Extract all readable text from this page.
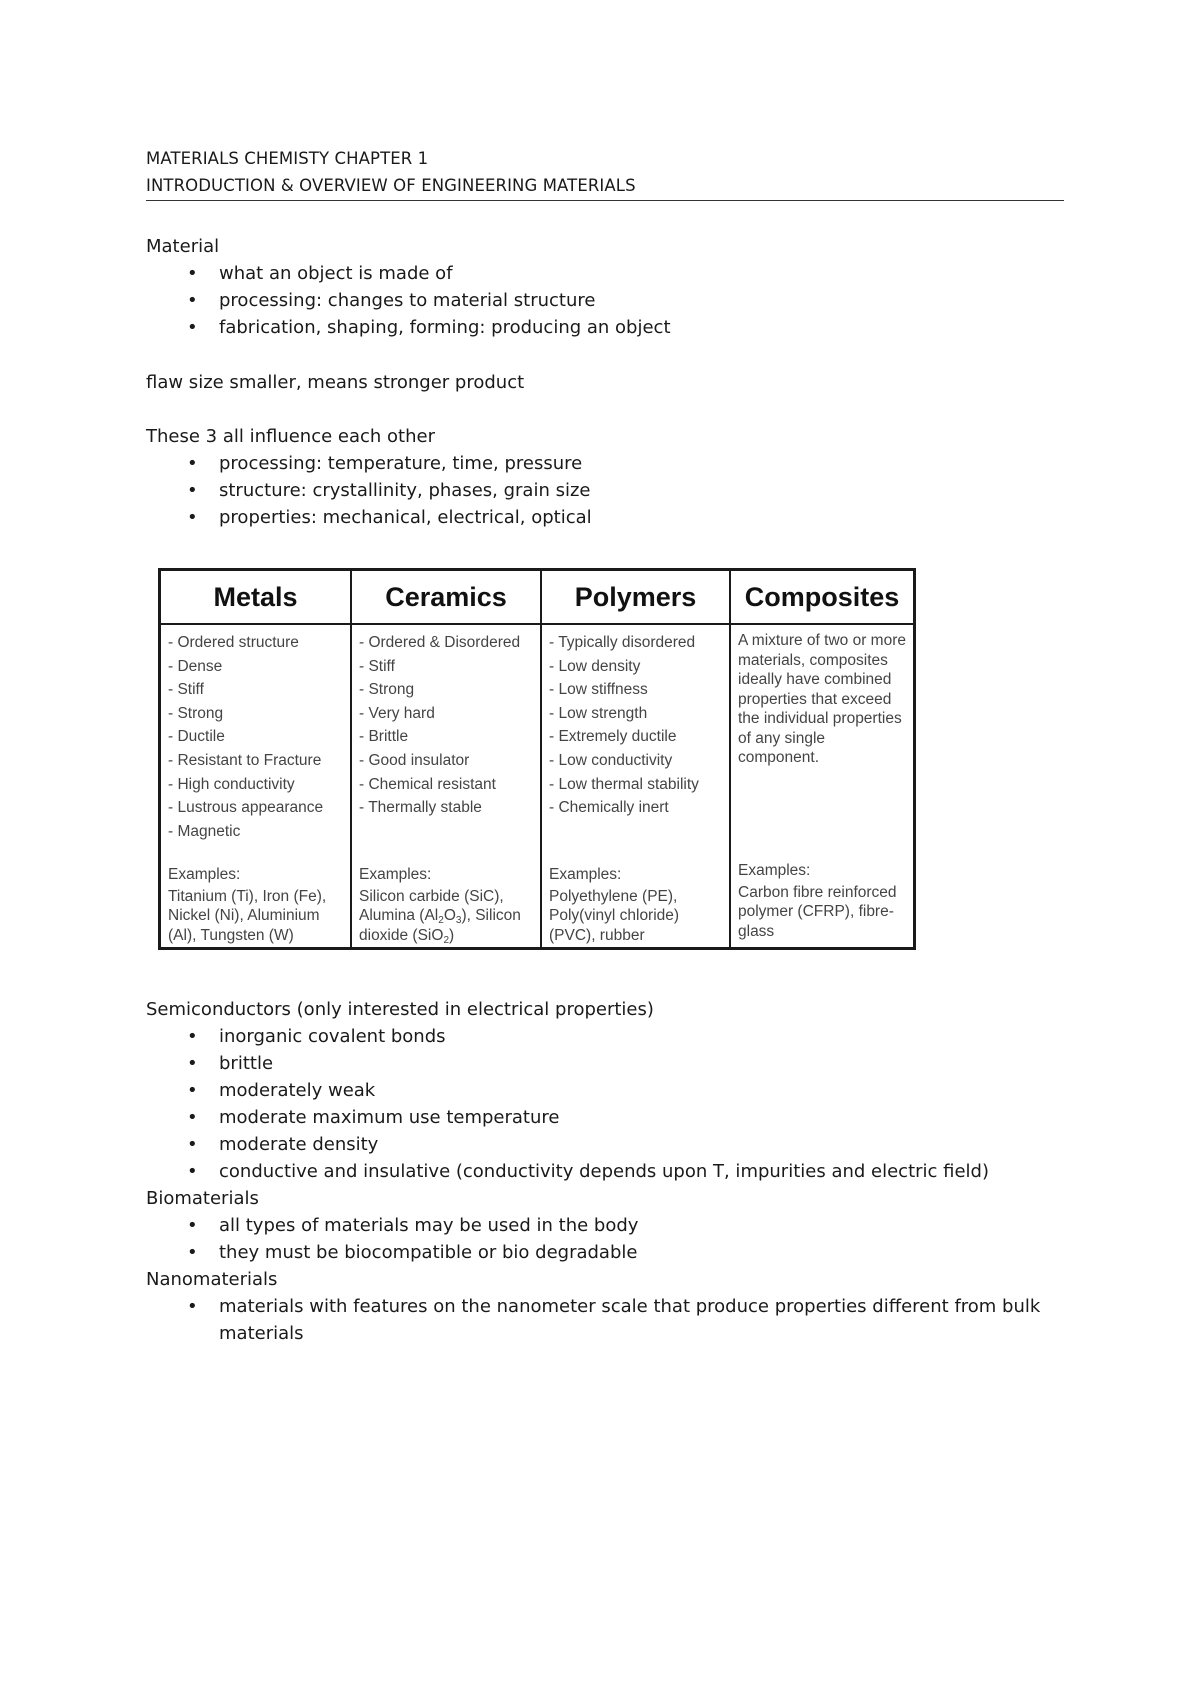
MATERIALS CHEMISTY CHAPTER 1
INTRODUCTION & OVERVIEW OF ENGINEERING MATERIALS
Material
• what an object is made of
• processing: changes to material structure
• fabrication, shaping, forming: producing an object
flaw size smaller, means stronger product
These 3 all influence each other
• processing: temperature, time, pressure
• structure: crystallinity, phases, grain size
• properties: mechanical, electrical, optical
Metals
- Ordered structure
- Dense
- Stiff
- Strong
- Ductile
- Resistant to Fracture
- High conductivity
- Lustrous appearance
- Magnetic
Examples:
Titanium (Ti), Iron (Fe), Nickel (Ni), Aluminium (Al), Tungsten (W)
Ceramics
- Ordered & Disordered
- Stiff
- Strong
- Very hard
- Brittle
- Good insulator
- Chemical resistant
- Thermally stable
Examples:
Silicon carbide (SiC), Alumina $(Al_2O_3)$, Silicon dioxide (SiO$_2$)
Polymers
- Typically disordered
- Low density
- Low stiffness
- Low strength
- Extremely ductile
- Low conductivity
- Low thermal stability
- Chemically inert
Examples:
Polyethylene (PE), Poly(vinyl chloride) (PVC), rubber
Composites
A mixture of two or more materials, composites ideally have combined properties that exceed the individual properties of any single component.
Examples:
Carbon fibre reinforced polymer (CFRP), fibre-glass
Semiconductors (only interested in electrical properties)
• inorganic covalent bonds
• brittle
• moderately weak
• moderate maximum use temperature
• moderate density
• conductive and insulative (conductivity depends upon T, impurities and electric field)
Biomaterials
• all types of materials may be used in the body
• they must be biocompatible or bio degradable
Nanomaterials
• materials with features on the nanometer scale that produce properties different from bulk materials
